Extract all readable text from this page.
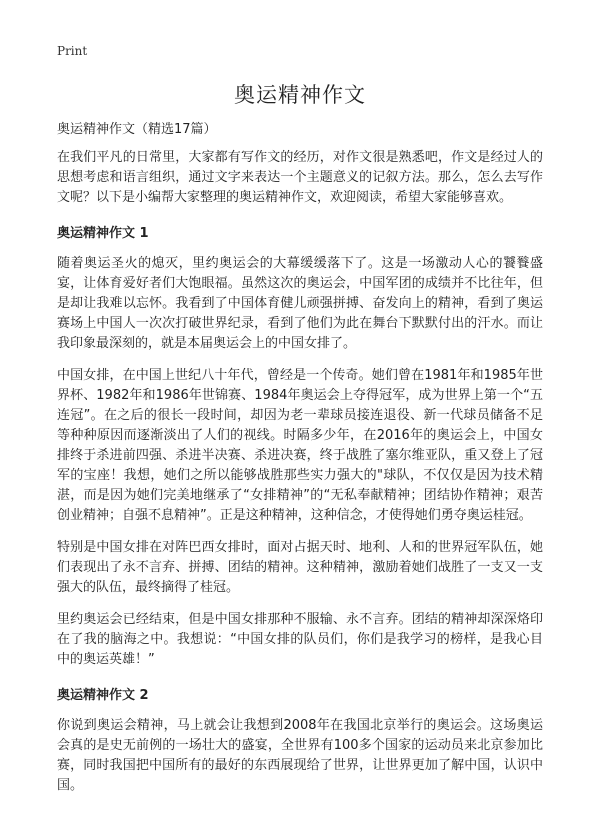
Print
奥运精神作文
奥运精神作文（精选17篇）

在我们平凡的日常里，大家都有写作文的经历，对作文很是熟悉吧，作文是经过人的思想考虑和语言组织，通过文字来表达一个主题意义的记叙方法。那么，怎么去写作文呢？以下是小编帮大家整理的奥运精神作文，欢迎阅读，希望大家能够喜欢。

奥运精神作文 1

随着奥运圣火的熄灭，里约奥运会的大幕缓缓落下了。这是一场激动人心的饕餮盛宴，让体育爱好者们大饱眼福。虽然这次的奥运会，中国军团的成绩并不比往年，但是却让我难以忘怀。我看到了中国体育健儿顽强拼搏、奋发向上的精神，看到了奥运赛场上中国人一次次打破世界纪录，看到了他们为此在舞台下默默付出的汗水。而让我印象最深刻的，就是本届奥运会上的中国女排了。

中国女排，在中国上世纪八十年代，曾经是一个传奇。她们曾在1981年和1985年世界杯、1982年和1986年世锦赛、1984年奥运会上夺得冠军，成为世界上第一个“五连冠”。在之后的很长一段时间，却因为老一辈球员接连退役、新一代球员储备不足等种种原因而逐渐淡出了人们的视线。时隔多少年，在2016年的奥运会上，中国女排终于杀进前四强、杀进半决赛、杀进决赛，终于战胜了塞尔维亚队，重又登上了冠军的宝座！我想，她们之所以能够战胜那些实力强大的"球队，不仅仅是因为技术精湛，而是因为她们完美地继承了“女排精神”的“无私奉献精神；团结协作精神；艰苦创业精神；自强不息精神”。正是这种精神，这种信念，才使得她们勇夺奥运桂冠。

特别是中国女排在对阵巴西女排时，面对占据天时、地利、人和的世界冠军队伍，她们表现出了永不言弃、拼搏、团结的精神。这种精神，激励着她们战胜了一支又一支强大的队伍，最终摘得了桂冠。

里约奥运会已经结束，但是中国女排那种不服输、永不言弃。团结的精神却深深烙印在了我的脑海之中。我想说：“中国女排的队员们，你们是我学习的榜样，是我心目中的奥运英雄！”

奥运精神作文 2

你说到奥运会精神，马上就会让我想到2008年在我国北京举行的奥运会。这场奥运会真的是史无前例的一场壮大的盛宴，全世界有100多个国家的运动员来北京参加比赛，同时我国把中国所有的最好的东西展现给了世界，让世界更加了解中国，认识中国。
